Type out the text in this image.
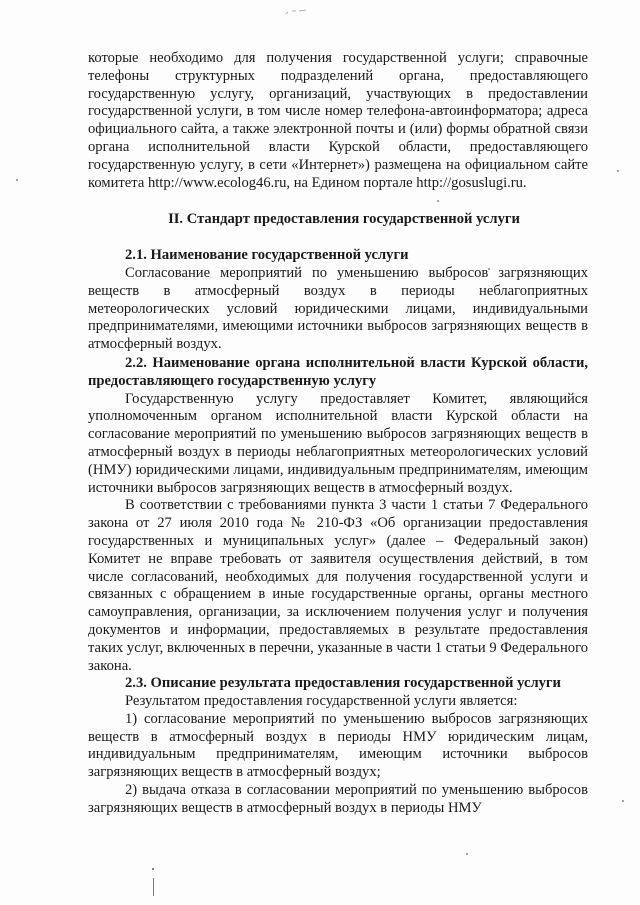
которые необходимо для получения государственной услуги; справочные телефоны структурных подразделений органа, предоставляющего государственную услугу, организаций, участвующих в предоставлении государственной услуги, в том числе номер телефона-автоинформатора; адреса официального сайта, а также электронной почты и (или) формы обратной связи органа исполнительной власти Курской области, предоставляющего государственную услугу, в сети «Интернет») размещена на официальном сайте комитета http://www.ecolog46.ru, на Едином портале http://gosuslugi.ru.

II. Стандарт предоставления государственной услуги

2.1. Наименование государственной услуги

Согласование мероприятий по уменьшению выбросов загрязняющих веществ в атмосферный воздух в периоды неблагоприятных метеорологических условий юридическими лицами, индивидуальными предпринимателями, имеющими источники выбросов загрязняющих веществ в атмосферный воздух.

2.2. Наименование органа исполнительной власти Курской области, предоставляющего государственную услугу

Государственную услугу предоставляет Комитет, являющийся уполномоченным органом исполнительной власти Курской области на согласование мероприятий по уменьшению выбросов загрязняющих веществ в атмосферный воздух в периоды неблагоприятных метеорологических условий (НМУ) юридическими лицами, индивидуальным предпринимателям, имеющим источники выбросов загрязняющих веществ в атмосферный воздух.

В соответствии с требованиями пункта 3 части 1 статьи 7 Федерального закона от 27 июля 2010 года № 210-ФЗ «Об организации предоставления государственных и муниципальных услуг» (далее – Федеральный закон) Комитет не вправе требовать от заявителя осуществления действий, в том числе согласований, необходимых для получения государственной услуги и связанных с обращением в иные государственные органы, органы местного самоуправления, организации, за исключением получения услуг и получения документов и информации, предоставляемых в результате предоставления таких услуг, включенных в перечни, указанные в части 1 статьи 9 Федерального закона.

2.3. Описание результата предоставления государственной услуги

Результатом предоставления государственной услуги является:

1) согласование мероприятий по уменьшению выбросов загрязняющих веществ в атмосферный воздух в периоды НМУ юридическим лицам, индивидуальным предпринимателям, имеющим источники выбросов загрязняющих веществ в атмосферный воздух;

2) выдача отказа в согласовании мероприятий по уменьшению выбросов загрязняющих веществ в атмосферный воздух в периоды НМУ
